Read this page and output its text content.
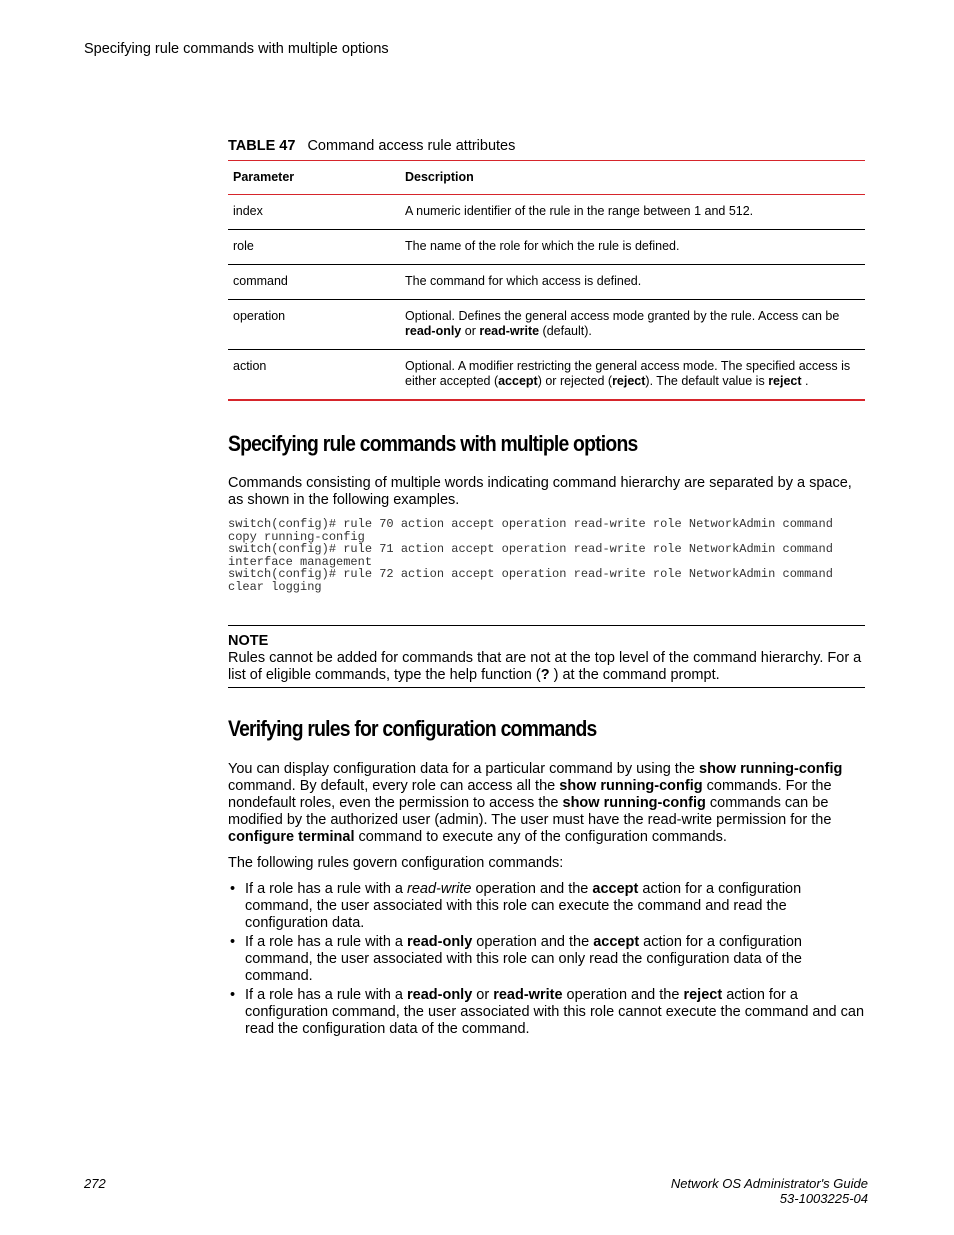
Specifying rule commands with multiple options
TABLE 47 Command access rule attributes
Parameter	Description
index	A numeric identifier of the rule in the range between 1 and 512.
role	The name of the role for which the rule is defined.
command	The command for which access is defined.
operation	Optional. Defines the general access mode granted by the rule. Access can be read-only or read-write (default).
action	Optional. A modifier restricting the general access mode. The specified access is either accepted (accept) or rejected (reject). The default value is reject .
Specifying rule commands with multiple options

Commands consisting of multiple words indicating command hierarchy are separated by a space, as shown in the following examples.

switch(config)# rule 70 action accept operation read-write role NetworkAdmin command
copy running-config
switch(config)# rule 71 action accept operation read-write role NetworkAdmin command
interface management
switch(config)# rule 72 action accept operation read-write role NetworkAdmin command
clear logging
NOTE

Rules cannot be added for commands that are not at the top level of the command hierarchy. For a list of eligible commands, type the help function (? ) at the command prompt.

Verifying rules for configuration commands

You can display configuration data for a particular command by using the show running-config command. By default, every role can access all the show running-config commands. For the nondefault roles, even the permission to access the show running-config commands can be modified by the authorized user (admin). The user must have the read-write permission for the configure terminal command to execute any of the configuration commands.

The following rules govern configuration commands:

• If a role has a rule with a read-write operation and the accept action for a configuration command, the user associated with this role can execute the command and read the configuration data.
• If a role has a rule with a read-only operation and the accept action for a configuration command, the user associated with this role can only read the configuration data of the command.
• If a role has a rule with a read-only or read-write operation and the reject action for a configuration command, the user associated with this role cannot execute the command and can read the configuration data of the command.
272	Network OS Administrator's Guide
53-1003225-04
